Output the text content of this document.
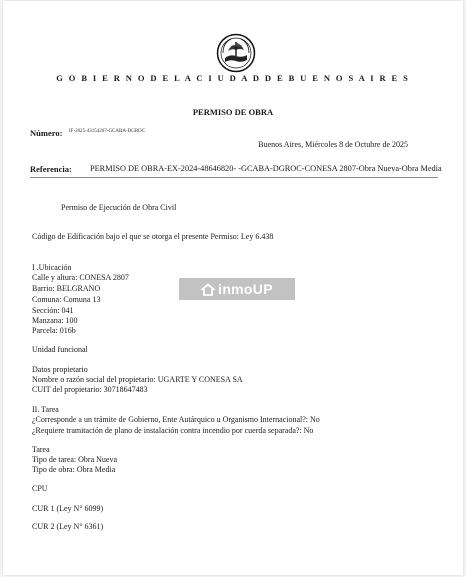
G O B I E R N O D E L A C I U D A D D E B U E N O S A I R E S
PERMISO DE OBRA
Número: IF-2025-43154267-GCABA-DGROC
Buenos Aires, Miércoles 8 de Octubre de 2025
Referencia: PERMISO DE OBRA-EX-2024-48646820- -GCABA-DGROC-CONESA 2807-Obra Nueva-Obra Media
Permiso de Ejecución de Obra Civil
Código de Edificación bajo el que se otorga el presente Permiso: Ley 6.438
I .Ubicación
Calle y altura: CONESA 2807
Barrio: BELGRANO
Comuna: Comuna 13
Sección: 041
Manzana: 100
Parcela: 016b
Unidad funcional
Datos propietario
Nombre o razón social del propietario: UGARTE Y CONESA SA
CUIT del propietario: 30718647483
II. Tarea
¿Corresponde a un trámite de Gobierno, Ente Autárquico u Organismo Internacional?: No
¿Requiere tramitación de plano de instalación contra incendio por cuerda separada?: No
Tarea
Tipo de tarea: Obra Nueva
Tipo de obra: Obra Media
CPU
CUR 1 (Ley N° 6099)
CUR 2 (Ley N° 6361)
inmoUP
